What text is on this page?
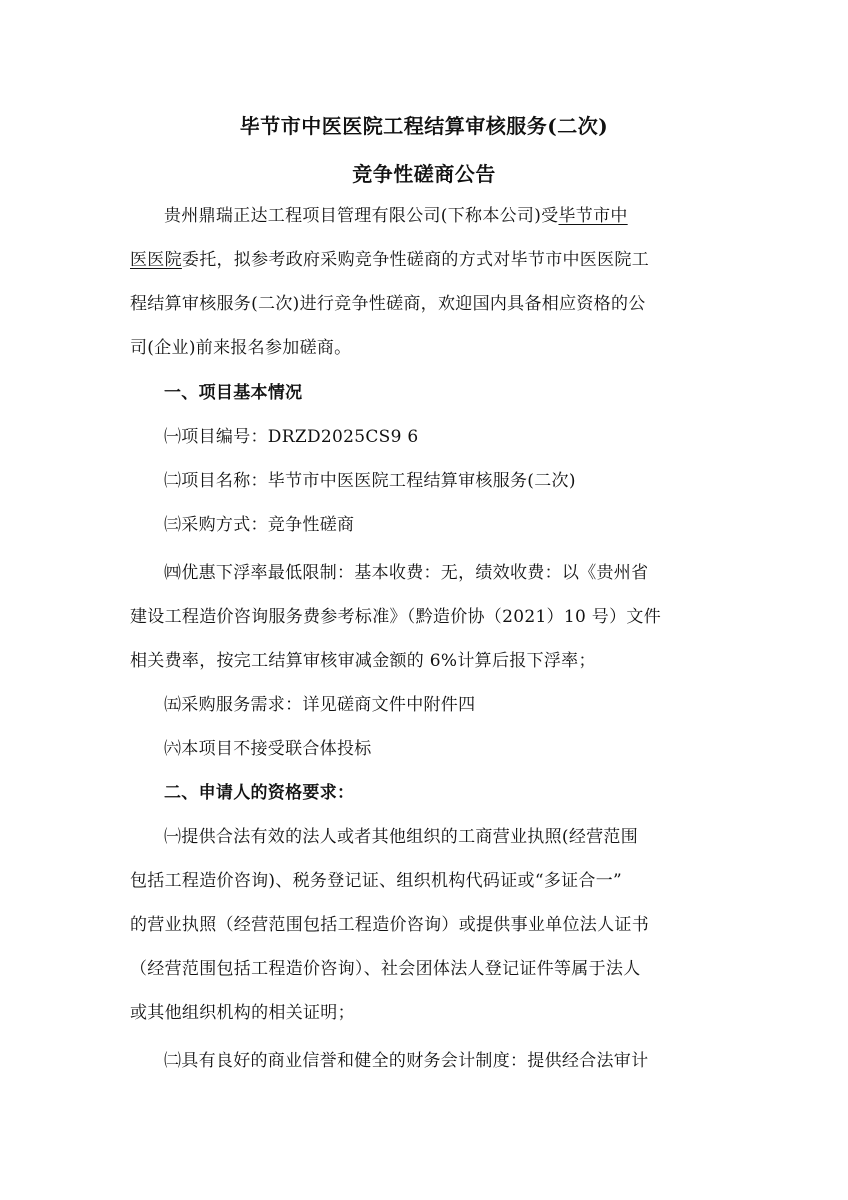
毕节市中医医院工程结算审核服务(二次)
竞争性磋商公告
贵州鼎瑞正达工程项目管理有限公司(下称本公司)受毕节市中
医医院委托，拟参考政府采购竞争性磋商的方式对毕节市中医医院工
程结算审核服务(二次)进行竞争性磋商，欢迎国内具备相应资格的公
司(企业)前来报名参加磋商。
一、项目基本情况
㈠项目编号：DRZD2025CS9 6
㈡项目名称：毕节市中医医院工程结算审核服务(二次)
㈢采购方式：竞争性磋商
㈣优惠下浮率最低限制：基本收费：无，绩效收费：以《贵州省
建设工程造价咨询服务费参考标准》（黔造价协（2021）10 号）文件
相关费率，按完工结算审核审减金额的 6%计算后报下浮率；
㈤采购服务需求：详见磋商文件中附件四
㈥本项目不接受联合体投标
二、申请人的资格要求：
㈠提供合法有效的法人或者其他组织的工商营业执照(经营范围
包括工程造价咨询)、税务登记证、组织机构代码证或“多证合一”
的营业执照（经营范围包括工程造价咨询）或提供事业单位法人证书
（经营范围包括工程造价咨询）、社会团体法人登记证件等属于法人
或其他组织机构的相关证明；
㈡具有良好的商业信誉和健全的财务会计制度：提供经合法审计
